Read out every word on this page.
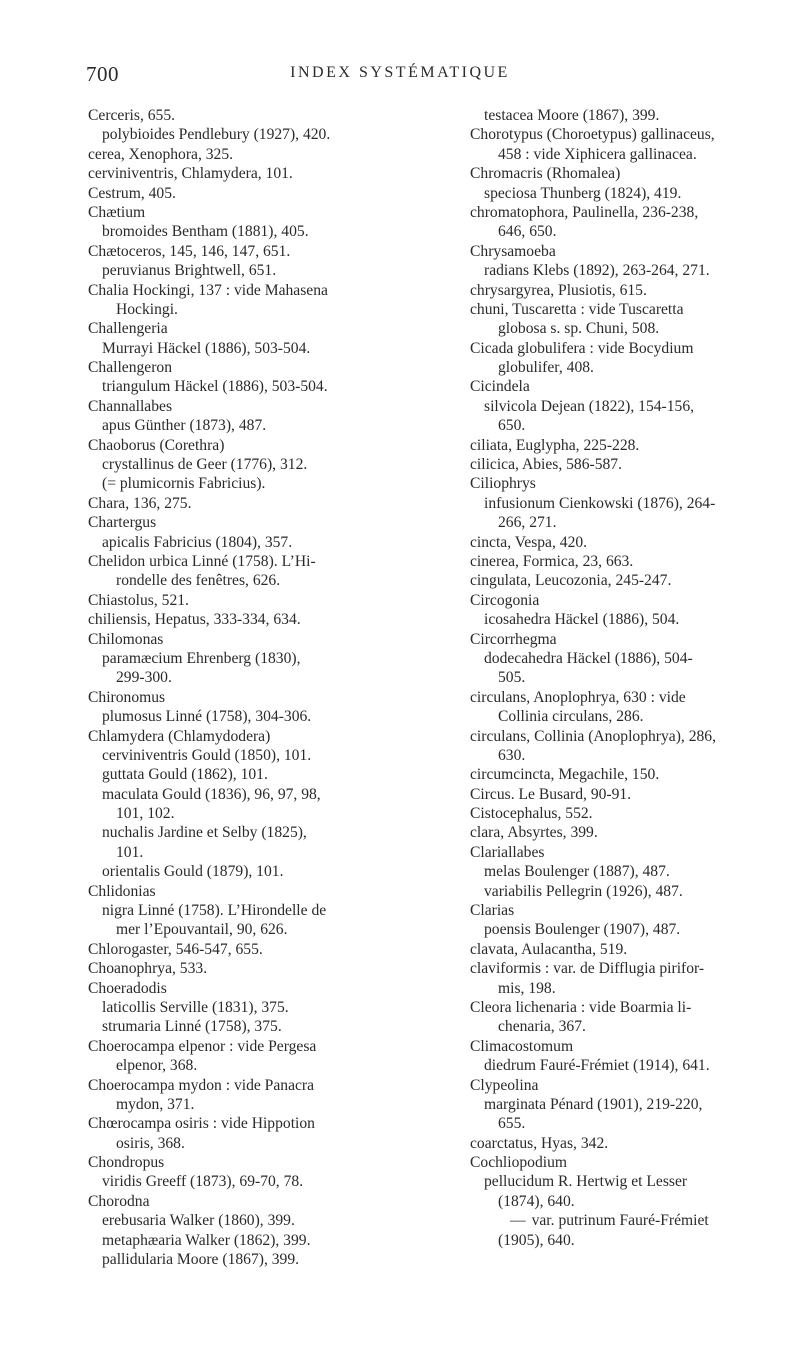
700	INDEX SYSTÉMATIQUE
Cerceris, 655.
polybioides Pendlebury (1927), 420.
cerea, Xenophora, 325.
cerviniventris, Chlamydera, 101.
Cestrum, 405.
Chætium
bromoides Bentham (1881), 405.
Chætoceros, 145, 146, 147, 651.
peruvianus Brightwell, 651.
Chalia Hockingi, 137 : vide Mahasena
Hockingi.
Challengeria
Murrayi Häckel (1886), 503-504.
Challengeron
triangulum Häckel (1886), 503-504.
Channallabes
apus Günther (1873), 487.
Chaoborus (Corethra)
crystallinus de Geer (1776), 312.
(= plumicornis Fabricius).
Chara, 136, 275.
Chartergus
apicalis Fabricius (1804), 357.
Chelidon urbica Linné (1758). L’Hi-
rondelle des fenêtres, 626.
Chiastolus, 521.
chiliensis, Hepatus, 333-334, 634.
Chilomonas
paramæcium Ehrenberg (1830),
299-300.
Chironomus
plumosus Linné (1758), 304-306.
Chlamydera (Chlamydodera)
cerviniventris Gould (1850), 101.
guttata Gould (1862), 101.
maculata Gould (1836), 96, 97, 98,
101, 102.
nuchalis Jardine et Selby (1825),
101.
orientalis Gould (1879), 101.
Chlidonias
nigra Linné (1758). L’Hirondelle de
mer l’Epouvantail, 90, 626.
Chlorogaster, 546-547, 655.
Choanophrya, 533.
Choeradodis
laticollis Serville (1831), 375.
strumaria Linné (1758), 375.
Choerocampa elpenor : vide Pergesa
elpenor, 368.
Choerocampa mydon : vide Panacra
mydon, 371.
Chœrocampa osiris : vide Hippotion
osiris, 368.
Chondropus
viridis Greeff (1873), 69-70, 78.
Chorodna
erebusaria Walker (1860), 399.
metaphæaria Walker (1862), 399.
pallidularia Moore (1867), 399.
testacea Moore (1867), 399.
Chorotypus (Choroetypus) gallinaceus,
458 : vide Xiphicera gallinacea.
Chromacris (Rhomalea)
speciosa Thunberg (1824), 419.
chromatophora, Paulinella, 236-238,
646, 650.
Chrysamoeba
radians Klebs (1892), 263-264, 271.
chrysargyrea, Plusiotis, 615.
chuni, Tuscaretta : vide Tuscaretta
globosa s. sp. Chuni, 508.
Cicada globulifera : vide Bocydium
globulifer, 408.
Cicindela
silvicola Dejean (1822), 154-156,
650.
ciliata, Euglypha, 225-228.
cilicica, Abies, 586-587.
Ciliophrys
infusionum Cienkowski (1876), 264-
266, 271.
cincta, Vespa, 420.
cinerea, Formica, 23, 663.
cingulata, Leucozonia, 245-247.
Circogonia
icosahedra Häckel (1886), 504.
Circorrhegma
dodecahedra Häckel (1886), 504-
505.
circulans, Anoplophrya, 630 : vide
Collinia circulans, 286.
circulans, Collinia (Anoplophrya), 286,
630.
circumcincta, Megachile, 150.
Circus. Le Busard, 90-91.
Cistocephalus, 552.
clara, Absyrtes, 399.
Clariallabes
melas Boulenger (1887), 487.
variabilis Pellegrin (1926), 487.
Clarias
poensis Boulenger (1907), 487.
clavata, Aulacantha, 519.
claviformis : var. de Difflugia pirifor-
mis, 198.
Cleora lichenaria : vide Boarmia li-
chenaria, 367.
Climacostomum
diedrum Fauré-Frémiet (1914), 641.
Clypeolina
marginata Pénard (1901), 219-220,
655.
coarctatus, Hyas, 342.
Cochliopodium
pellucidum R. Hertwig et Lesser
(1874), 640.
— var. putrinum Fauré-Frémiet
(1905), 640.
